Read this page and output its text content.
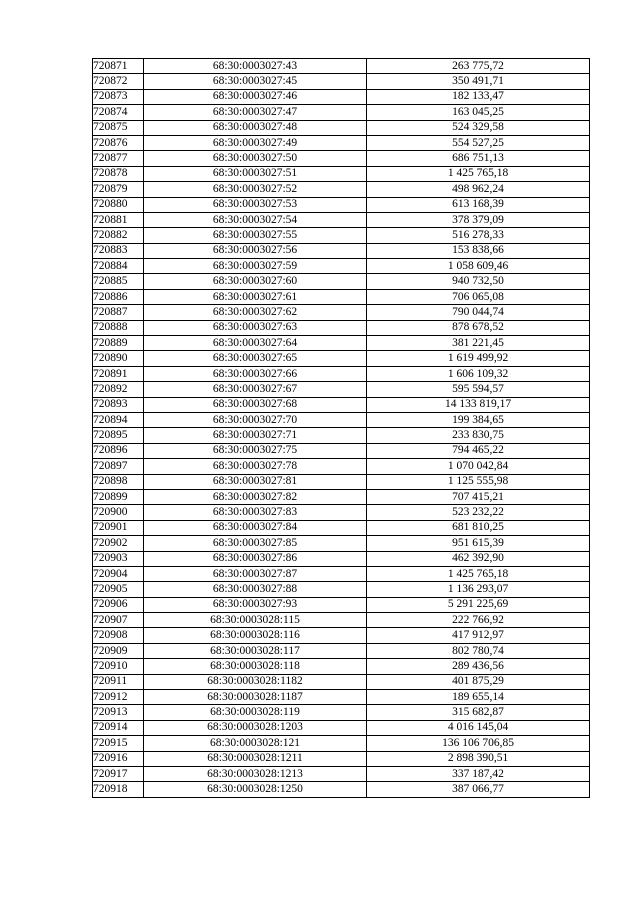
720871	68:30:0003027:43	263 775,72
720872	68:30:0003027:45	350 491,71
720873	68:30:0003027:46	182 133,47
720874	68:30:0003027:47	163 045,25
720875	68:30:0003027:48	524 329,58
720876	68:30:0003027:49	554 527,25
720877	68:30:0003027:50	686 751,13
720878	68:30:0003027:51	1 425 765,18
720879	68:30:0003027:52	498 962,24
720880	68:30:0003027:53	613 168,39
720881	68:30:0003027:54	378 379,09
720882	68:30:0003027:55	516 278,33
720883	68:30:0003027:56	153 838,66
720884	68:30:0003027:59	1 058 609,46
720885	68:30:0003027:60	940 732,50
720886	68:30:0003027:61	706 065,08
720887	68:30:0003027:62	790 044,74
720888	68:30:0003027:63	878 678,52
720889	68:30:0003027:64	381 221,45
720890	68:30:0003027:65	1 619 499,92
720891	68:30:0003027:66	1 606 109,32
720892	68:30:0003027:67	595 594,57
720893	68:30:0003027:68	14 133 819,17
720894	68:30:0003027:70	199 384,65
720895	68:30:0003027:71	233 830,75
720896	68:30:0003027:75	794 465,22
720897	68:30:0003027:78	1 070 042,84
720898	68:30:0003027:81	1 125 555,98
720899	68:30:0003027:82	707 415,21
720900	68:30:0003027:83	523 232,22
720901	68:30:0003027:84	681 810,25
720902	68:30:0003027:85	951 615,39
720903	68:30:0003027:86	462 392,90
720904	68:30:0003027:87	1 425 765,18
720905	68:30:0003027:88	1 136 293,07
720906	68:30:0003027:93	5 291 225,69
720907	68:30:0003028:115	222 766,92
720908	68:30:0003028:116	417 912,97
720909	68:30:0003028:117	802 780,74
720910	68:30:0003028:118	289 436,56
720911	68:30:0003028:1182	401 875,29
720912	68:30:0003028:1187	189 655,14
720913	68:30:0003028:119	315 682,87
720914	68:30:0003028:1203	4 016 145,04
720915	68:30:0003028:121	136 106 706,85
720916	68:30:0003028:1211	2 898 390,51
720917	68:30:0003028:1213	337 187,42
720918	68:30:0003028:1250	387 066,77
